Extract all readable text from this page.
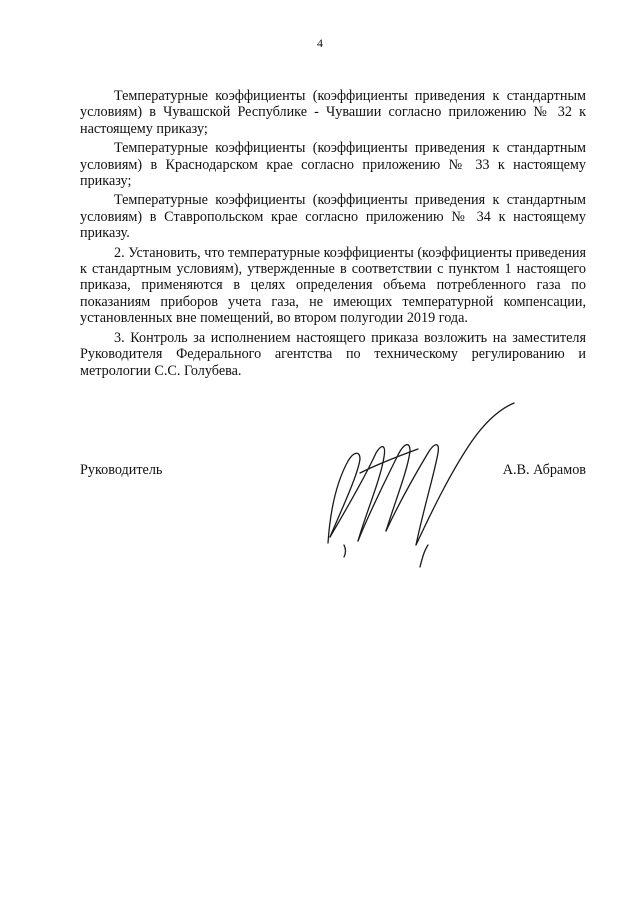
4

Температурные коэффициенты (коэффициенты приведения к стандартным условиям) в Чувашской Республике - Чувашии согласно приложению № 32 к настоящему приказу;

Температурные коэффициенты (коэффициенты приведения к стандартным условиям) в Краснодарском крае согласно приложению № 33 к настоящему приказу;

Температурные коэффициенты (коэффициенты приведения к стандартным условиям) в Ставропольском крае согласно приложению № 34 к настоящему приказу.

2. Установить, что температурные коэффициенты (коэффициенты приведения к стандартным условиям), утвержденные в соответствии с пунктом 1 настоящего приказа, применяются в целях определения объема потребленного газа по показаниям приборов учета газа, не имеющих температурной компенсации, установленных вне помещений, во втором полугодии 2019 года.

3. Контроль за исполнением настоящего приказа возложить на заместителя Руководителя Федерального агентства по техническому регулированию и метрологии С.С. Голубева.

Руководитель	А.В. Абрамов
